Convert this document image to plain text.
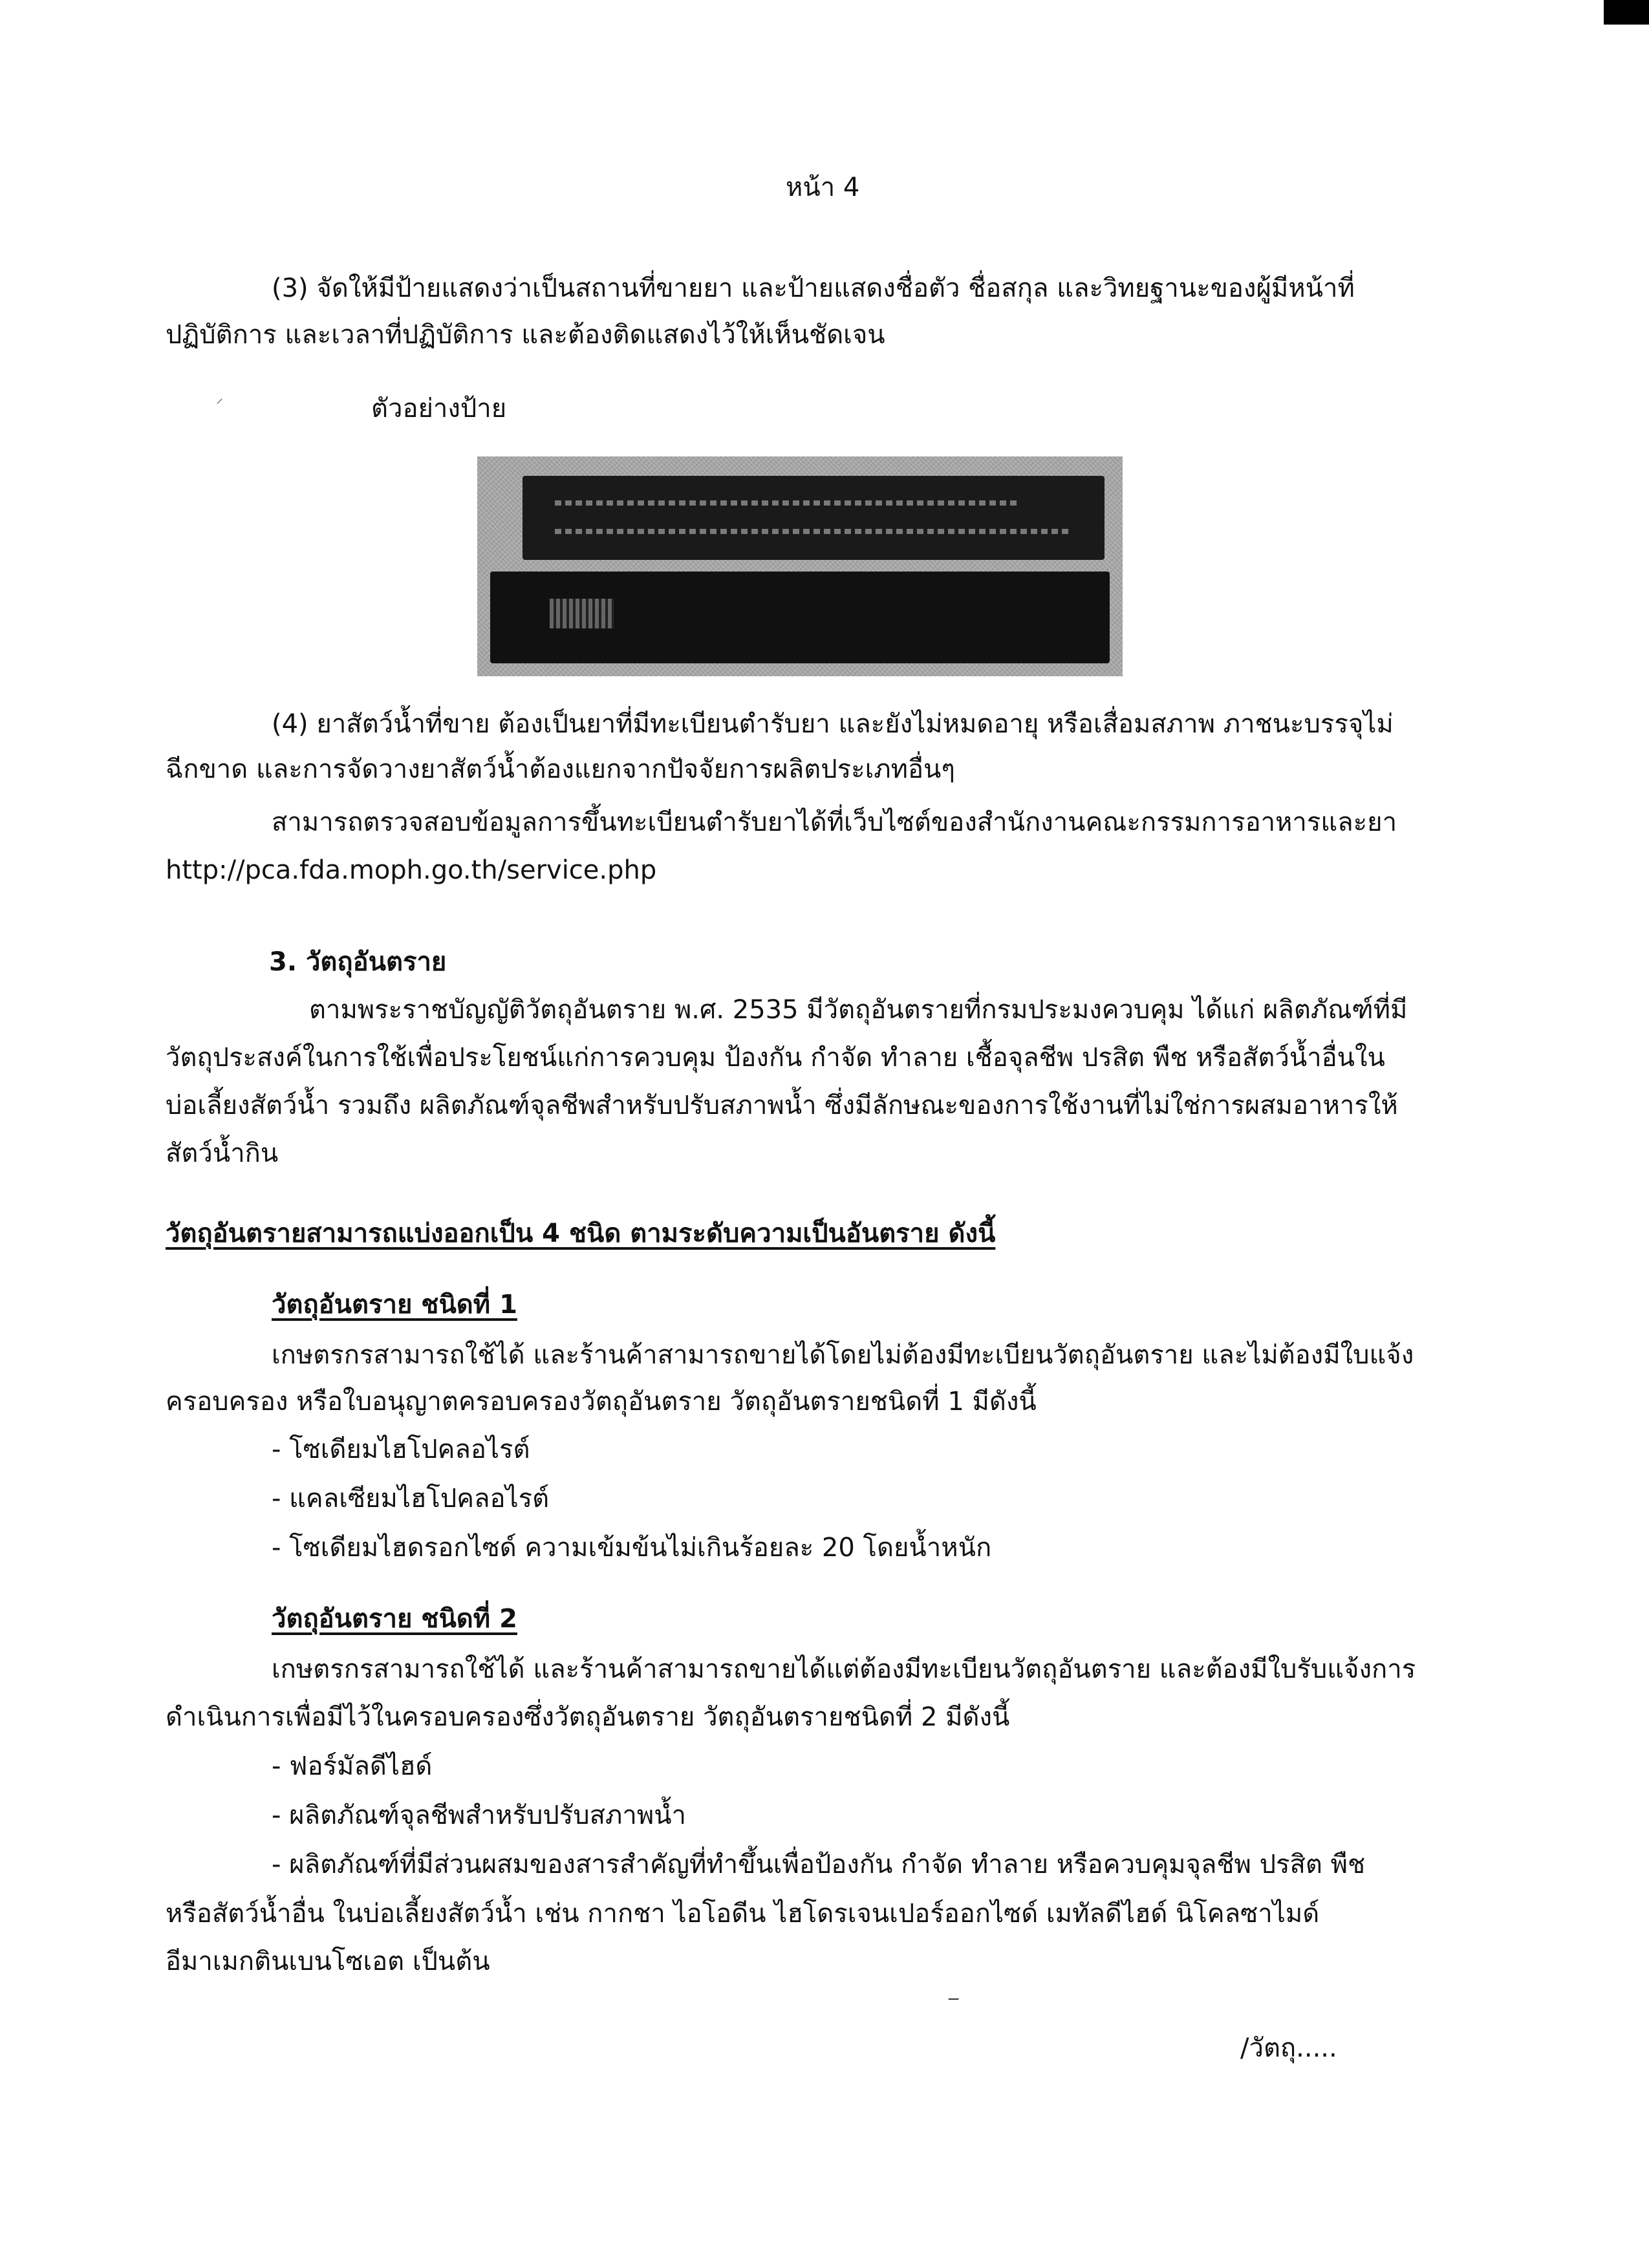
หน้า 4
(3) จัดให้มีป้ายแสดงว่าเป็นสถานที่ขายยา และป้ายแสดงชื่อตัว ชื่อสกุล และวิทยฐานะของผู้มีหน้าที่
ปฏิบัติการ และเวลาที่ปฏิบัติการ และต้องติดแสดงไว้ให้เห็นชัดเจน
⸝	ตัวอย่างป้าย
(4) ยาสัตว์น้ำที่ขาย ต้องเป็นยาที่มีทะเบียนตำรับยา และยังไม่หมดอายุ หรือเสื่อมสภาพ ภาชนะบรรจุไม่
ฉีกขาด และการจัดวางยาสัตว์น้ำต้องแยกจากปัจจัยการผลิตประเภทอื่นๆ
สามารถตรวจสอบข้อมูลการขึ้นทะเบียนตำรับยาได้ที่เว็บไซต์ของสำนักงานคณะกรรมการอาหารและยา
http://pca.fda.moph.go.th/service.php
3. วัตถุอันตราย
ตามพระราชบัญญัติวัตถุอันตราย พ.ศ. 2535 มีวัตถุอันตรายที่กรมประมงควบคุม ได้แก่ ผลิตภัณฑ์ที่มี
วัตถุประสงค์ในการใช้เพื่อประโยชน์แก่การควบคุม ป้องกัน กำจัด ทำลาย เชื้อจุลชีพ ปรสิต พืช หรือสัตว์น้ำอื่นใน
บ่อเลี้ยงสัตว์น้ำ รวมถึง ผลิตภัณฑ์จุลชีพสำหรับปรับสภาพน้ำ ซึ่งมีลักษณะของการใช้งานที่ไม่ใช่การผสมอาหารให้
สัตว์น้ำกิน
วัตถุอันตรายสามารถแบ่งออกเป็น 4 ชนิด ตามระดับความเป็นอันตราย ดังนี้
วัตถุอันตราย ชนิดที่ 1
เกษตรกรสามารถใช้ได้ และร้านค้าสามารถขายได้โดยไม่ต้องมีทะเบียนวัตถุอันตราย และไม่ต้องมีใบแจ้ง
ครอบครอง หรือใบอนุญาตครอบครองวัตถุอันตราย วัตถุอันตรายชนิดที่ 1 มีดังนี้
- โซเดียมไฮโปคลอไรต์
- แคลเซียมไฮโปคลอไรต์
- โซเดียมไฮดรอกไซด์ ความเข้มข้นไม่เกินร้อยละ 20 โดยน้ำหนัก
วัตถุอันตราย ชนิดที่ 2
เกษตรกรสามารถใช้ได้ และร้านค้าสามารถขายได้แต่ต้องมีทะเบียนวัตถุอันตราย และต้องมีใบรับแจ้งการ
ดำเนินการเพื่อมีไว้ในครอบครองซึ่งวัตถุอันตราย วัตถุอันตรายชนิดที่ 2 มีดังนี้
- ฟอร์มัลดีไฮด์
- ผลิตภัณฑ์จุลชีพสำหรับปรับสภาพน้ำ
- ผลิตภัณฑ์ที่มีส่วนผสมของสารสำคัญที่ทำขึ้นเพื่อป้องกัน กำจัด ทำลาย หรือควบคุมจุลชีพ ปรสิต พืช
หรือสัตว์น้ำอื่น ในบ่อเลี้ยงสัตว์น้ำ เช่น กากชา ไอโอดีน ไฮโดรเจนเปอร์ออกไซด์ เมทัลดีไฮด์ นิโคลซาไมด์
อีมาเมกตินเบนโซเอต เป็นต้น
⁻
/วัตถุ.....
